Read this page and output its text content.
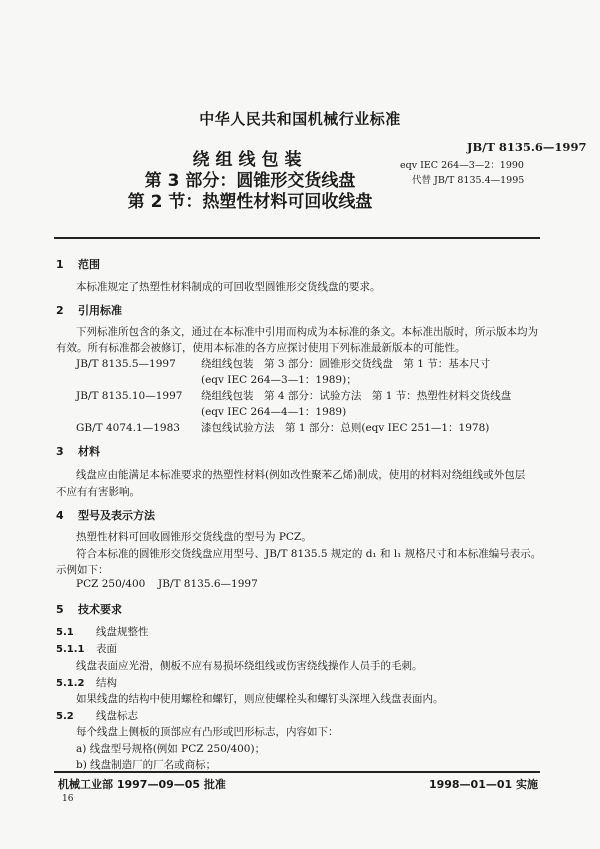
中华人民共和国机械行业标准
绕组线包装
第 3 部分：圆锥形交货线盘
第 2 节：热塑性材料可回收线盘
JB/T 8135.6—1997
eqv IEC 264—3—2：1990
代替 JB/T 8135.4—1995
1 范围
本标准规定了热塑性材料制成的可回收型圆锥形交货线盘的要求。
2 引用标准
下列标准所包含的条文，通过在本标准中引用而构成为本标准的条文。本标准出版时，所示版本均为
有效。所有标准都会被修订，使用本标准的各方应探讨使用下列标准最新版本的可能性。
JB/T 8135.5—1997 绕组线包装　第 3 部分：圆锥形交货线盘　第 1 节：基本尺寸
(eqv IEC 264—3—1：1989)；
JB/T 8135.10—1997 绕组线包装　第 4 部分：试验方法　第 1 节：热塑性材料交货线盘
(eqv IEC 264—4—1：1989)
GB/T 4074.1—1983 漆包线试验方法　第 1 部分：总则(eqv IEC 251—1：1978)
3 材料
线盘应由能满足本标准要求的热塑性材料(例如改性聚苯乙烯)制成，使用的材料对绕组线或外包层
不应有有害影响。
4 型号及表示方法
热塑性材料可回收圆锥形交货线盘的型号为 PCZ。
符合本标准的圆锥形交货线盘应用型号、JB/T 8135.5 规定的 d₁ 和 l₁ 规格尺寸和本标准编号表示。
示例如下：
PCZ 250/400 JB/T 8135.6—1997
5 技术要求
5.1 线盘规整性
5.1.1 表面
线盘表面应光滑，侧板不应有易损坏绕组线或伤害绕线操作人员手的毛刺。
5.1.2 结构
如果线盘的结构中使用螺栓和螺钉，则应使螺栓头和螺钉头深埋入线盘表面内。
5.2 线盘标志
每个线盘上侧板的顶部应有凸形或凹形标志，内容如下：
a) 线盘型号规格(例如 PCZ 250/400)；
b) 线盘制造厂的厂名或商标；
机械工业部 1997—09—05 批准	1998—01—01 实施
16
